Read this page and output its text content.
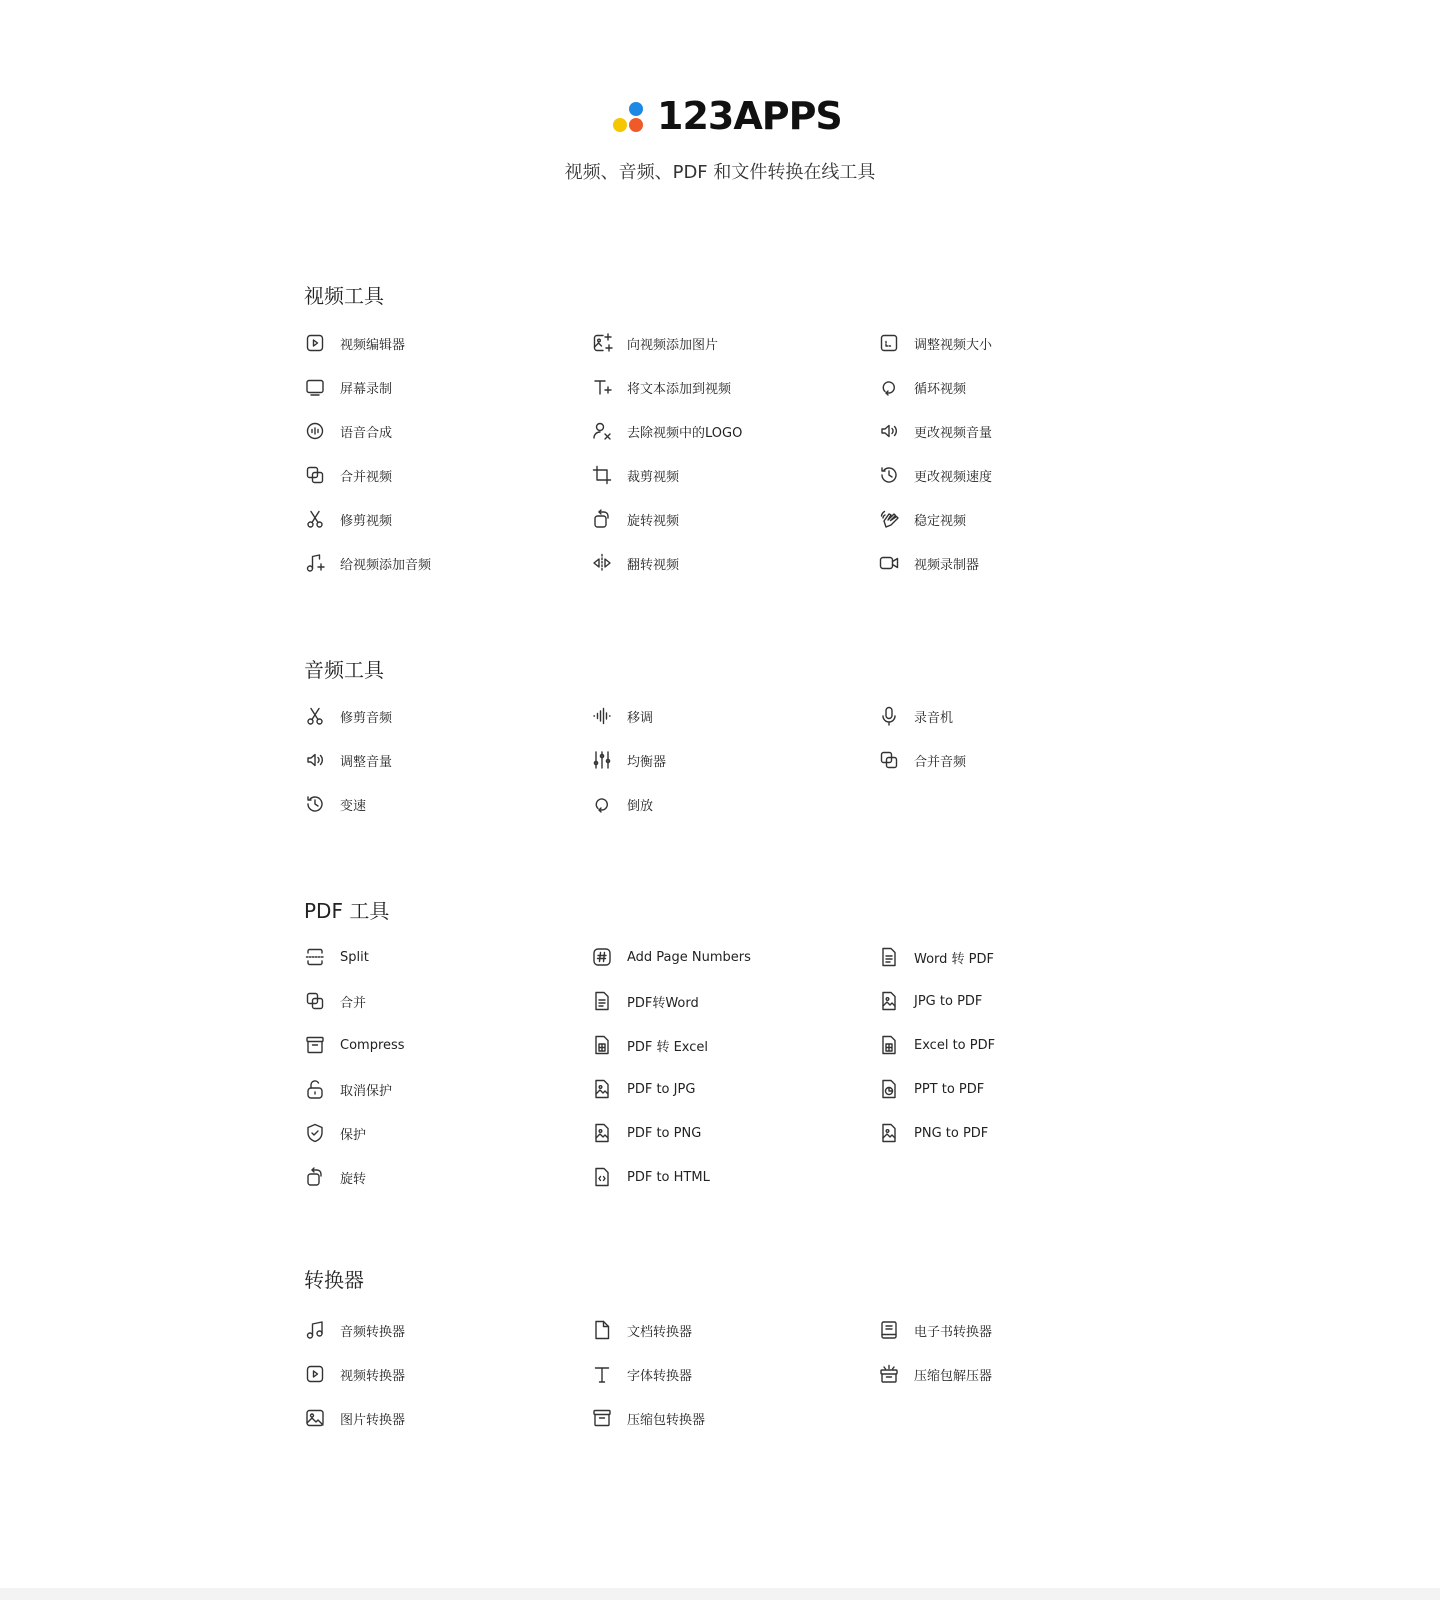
123APPS
视频、音频、PDF 和文件转换在线工具
视频工具
视频编辑器	向视频添加图片	调整视频大小
屏幕录制	将文本添加到视频	循环视频
语音合成	去除视频中的LOGO	更改视频音量
合并视频	裁剪视频	更改视频速度
修剪视频	旋转视频	稳定视频
给视频添加音频	翻转视频	视频录制器
音频工具
修剪音频	移调	录音机
调整音量	均衡器	合并音频
变速	倒放
PDF 工具
Split	Add Page Numbers	Word 转 PDF
合并	PDF转Word	JPG to PDF
Compress	PDF 转 Excel	Excel to PDF
取消保护	PDF to JPG	PPT to PDF
保护	PDF to PNG	PNG to PDF
旋转	PDF to HTML
转换器
音频转换器	文档转换器	电子书转换器
视频转换器	字体转换器	压缩包解压器
图片转换器	压缩包转换器
